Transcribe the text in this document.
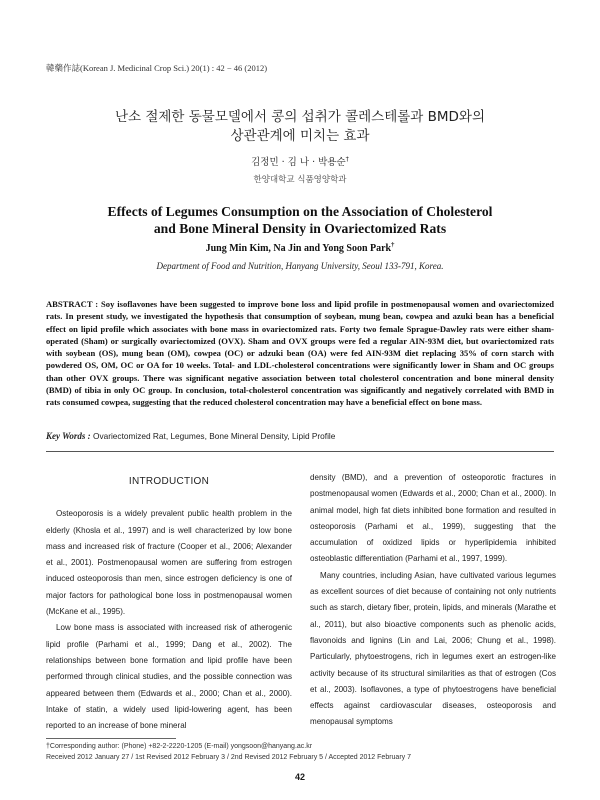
韓藥作誌(Korean J. Medicinal Crop Sci.) 20(1) : 42 − 46 (2012)
난소 절제한 동물모델에서 콩의 섭취가 콜레스테롤과 BMD와의
상관관계에 미치는 효과
김정민 · 김 나 · 박용순†
한양대학교 식품영양학과
Effects of Legumes Consumption on the Association of Cholesterol
and Bone Mineral Density in Ovariectomized Rats
Jung Min Kim, Na Jin and Yong Soon Park†
Department of Food and Nutrition, Hanyang University, Seoul 133-791, Korea.
ABSTRACT : Soy isoflavones have been suggested to improve bone loss and lipid profile in postmenopausal women and ovariectomized rats. In present study, we investigated the hypothesis that consumption of soybean, mung bean, cowpea and azuki bean has a beneficial effect on lipid profile which associates with bone mass in ovariectomized rats. Forty two female Sprague-Dawley rats were either sham-operated (Sham) or surgically ovariectomized (OVX). Sham and OVX groups were fed a regular AIN-93M diet, but ovariectomized rats with soybean (OS), mung bean (OM), cowpea (OC) or adzuki bean (OA) were fed AIN-93M diet replacing 35% of corn starch with powdered OS, OM, OC or OA for 10 weeks. Total- and LDL-cholesterol concentrations were significantly lower in Sham and OC groups than other OVX groups. There was significant negative association between total cholesterol concentration and bone mineral density (BMD) of tibia in only OC group. In conclusion, total-cholesterol concentration was significantly and negatively correlated with BMD in rats consumed cowpea, suggesting that the reduced cholesterol concentration may have a beneficial effect on bone mass.
Key Words : Ovariectomized Rat, Legumes, Bone Mineral Density, Lipid Profile
INTRODUCTION

Osteoporosis is a widely prevalent public health problem in the elderly (Khosla et al., 1997) and is well characterized by low bone mass and increased risk of fracture (Cooper et al., 2006; Alexander et al., 2001). Postmenopausal women are suffering from estrogen induced osteoporosis than men, since estrogen deficiency is one of major factors for pathological bone loss in postmenopausal women (McKane et al., 1995).

Low bone mass is associated with increased risk of atherogenic lipid profile (Parhami et al., 1999; Dang et al., 2002). The relationships between bone formation and lipid profile have been performed through clinical studies, and the possible connection was appeared between them (Edwards et al., 2000; Chan et al., 2000). Intake of statin, a widely used lipid-lowering agent, has been reported to an increase of bone mineral

density (BMD), and a prevention of osteoporotic fractures in postmenopausal women (Edwards et al., 2000; Chan et al., 2000). In animal model, high fat diets inhibited bone formation and resulted in osteoporosis (Parhami et al., 1999), suggesting that the accumulation of oxidized lipids or hyperlipidemia inhibited osteoblastic differentiation (Parhami et al., 1997, 1999).

Many countries, including Asian, have cultivated various legumes as excellent sources of diet because of containing not only nutrients such as starch, dietary fiber, protein, lipids, and minerals (Marathe et al., 2011), but also bioactive components such as phenolic acids, flavonoids and lignins (Lin and Lai, 2006; Chung et al., 1998). Particularly, phytoestrogens, rich in legumes exert an estrogen-like activity because of its structural similarities as that of estrogen (Cos et al., 2003). Isoflavones, a type of phytoestrogens have beneficial effects against cardiovascular diseases, osteoporosis and menopausal symptoms

†Corresponding author: (Phone) +82-2-2220-1205 (E-mail) yongsoon@hanyang.ac.kr
Received 2012 January 27 / 1st Revised 2012 February 3 / 2nd Revised 2012 February 5 / Accepted 2012 February 7
42
